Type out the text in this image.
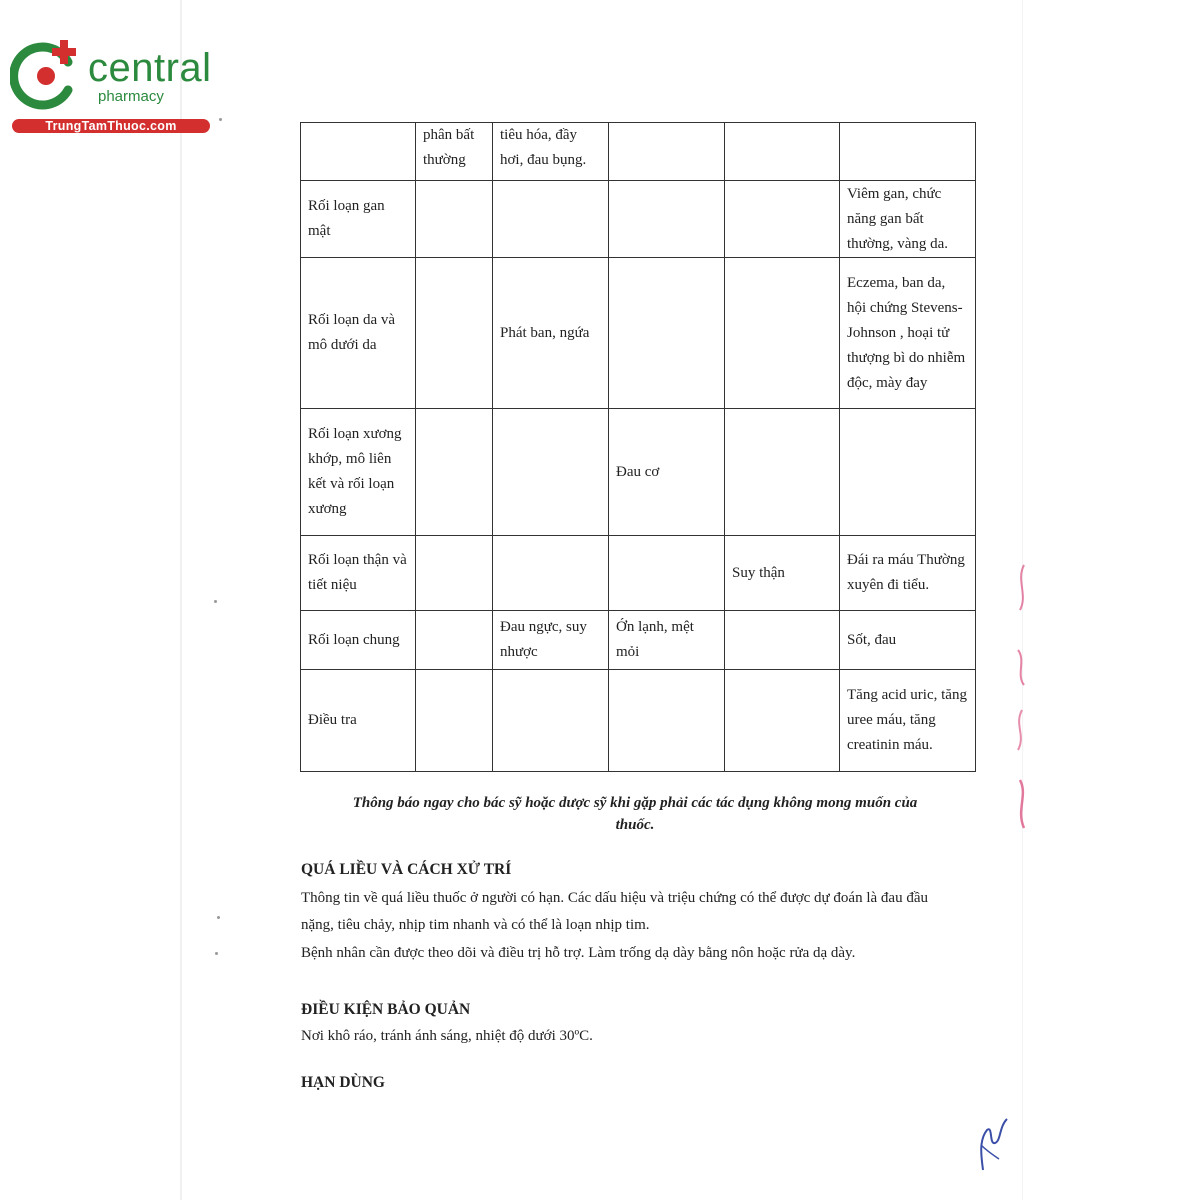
central
pharmacy
TrungTamThuoc.com
	phân bất thường	tiêu hóa, đầy hơi, đau bụng.			
Rối loạn gan mật					Viêm gan, chức năng gan bất thường, vàng da.
Rối loạn da và mô dưới da		Phát ban, ngứa			Eczema, ban da, hội chứng Stevens-Johnson , hoại tử thượng bì do nhiễm độc, mày đay
Rối loạn xương khớp, mô liên kết và rối loạn xương			Đau cơ		
Rối loạn thận và tiết niệu				Suy thận	Đái ra máu Thường xuyên đi tiểu.
Rối loạn chung		Đau ngực, suy nhược	Ớn lạnh, mệt mỏi		Sốt, đau
Điều tra					Tăng acid uric, tăng uree máu, tăng creatinin máu.
Thông báo ngay cho bác sỹ hoặc dược sỹ khi gặp phải các tác dụng không mong muốn của thuốc.
QUÁ LIỀU VÀ CÁCH XỬ TRÍ
Thông tin về quá liều thuốc ở người có hạn. Các dấu hiệu và triệu chứng có thể được dự đoán là đau đầu nặng, tiêu chảy, nhịp tim nhanh và có thể là loạn nhịp tim.
Bệnh nhân cần được theo dõi và điều trị hỗ trợ. Làm trống dạ dày bằng nôn hoặc rửa dạ dày.
ĐIỀU KIỆN BẢO QUẢN
Nơi khô ráo, tránh ánh sáng, nhiệt độ dưới 30ºC.
HẠN DÙNG
